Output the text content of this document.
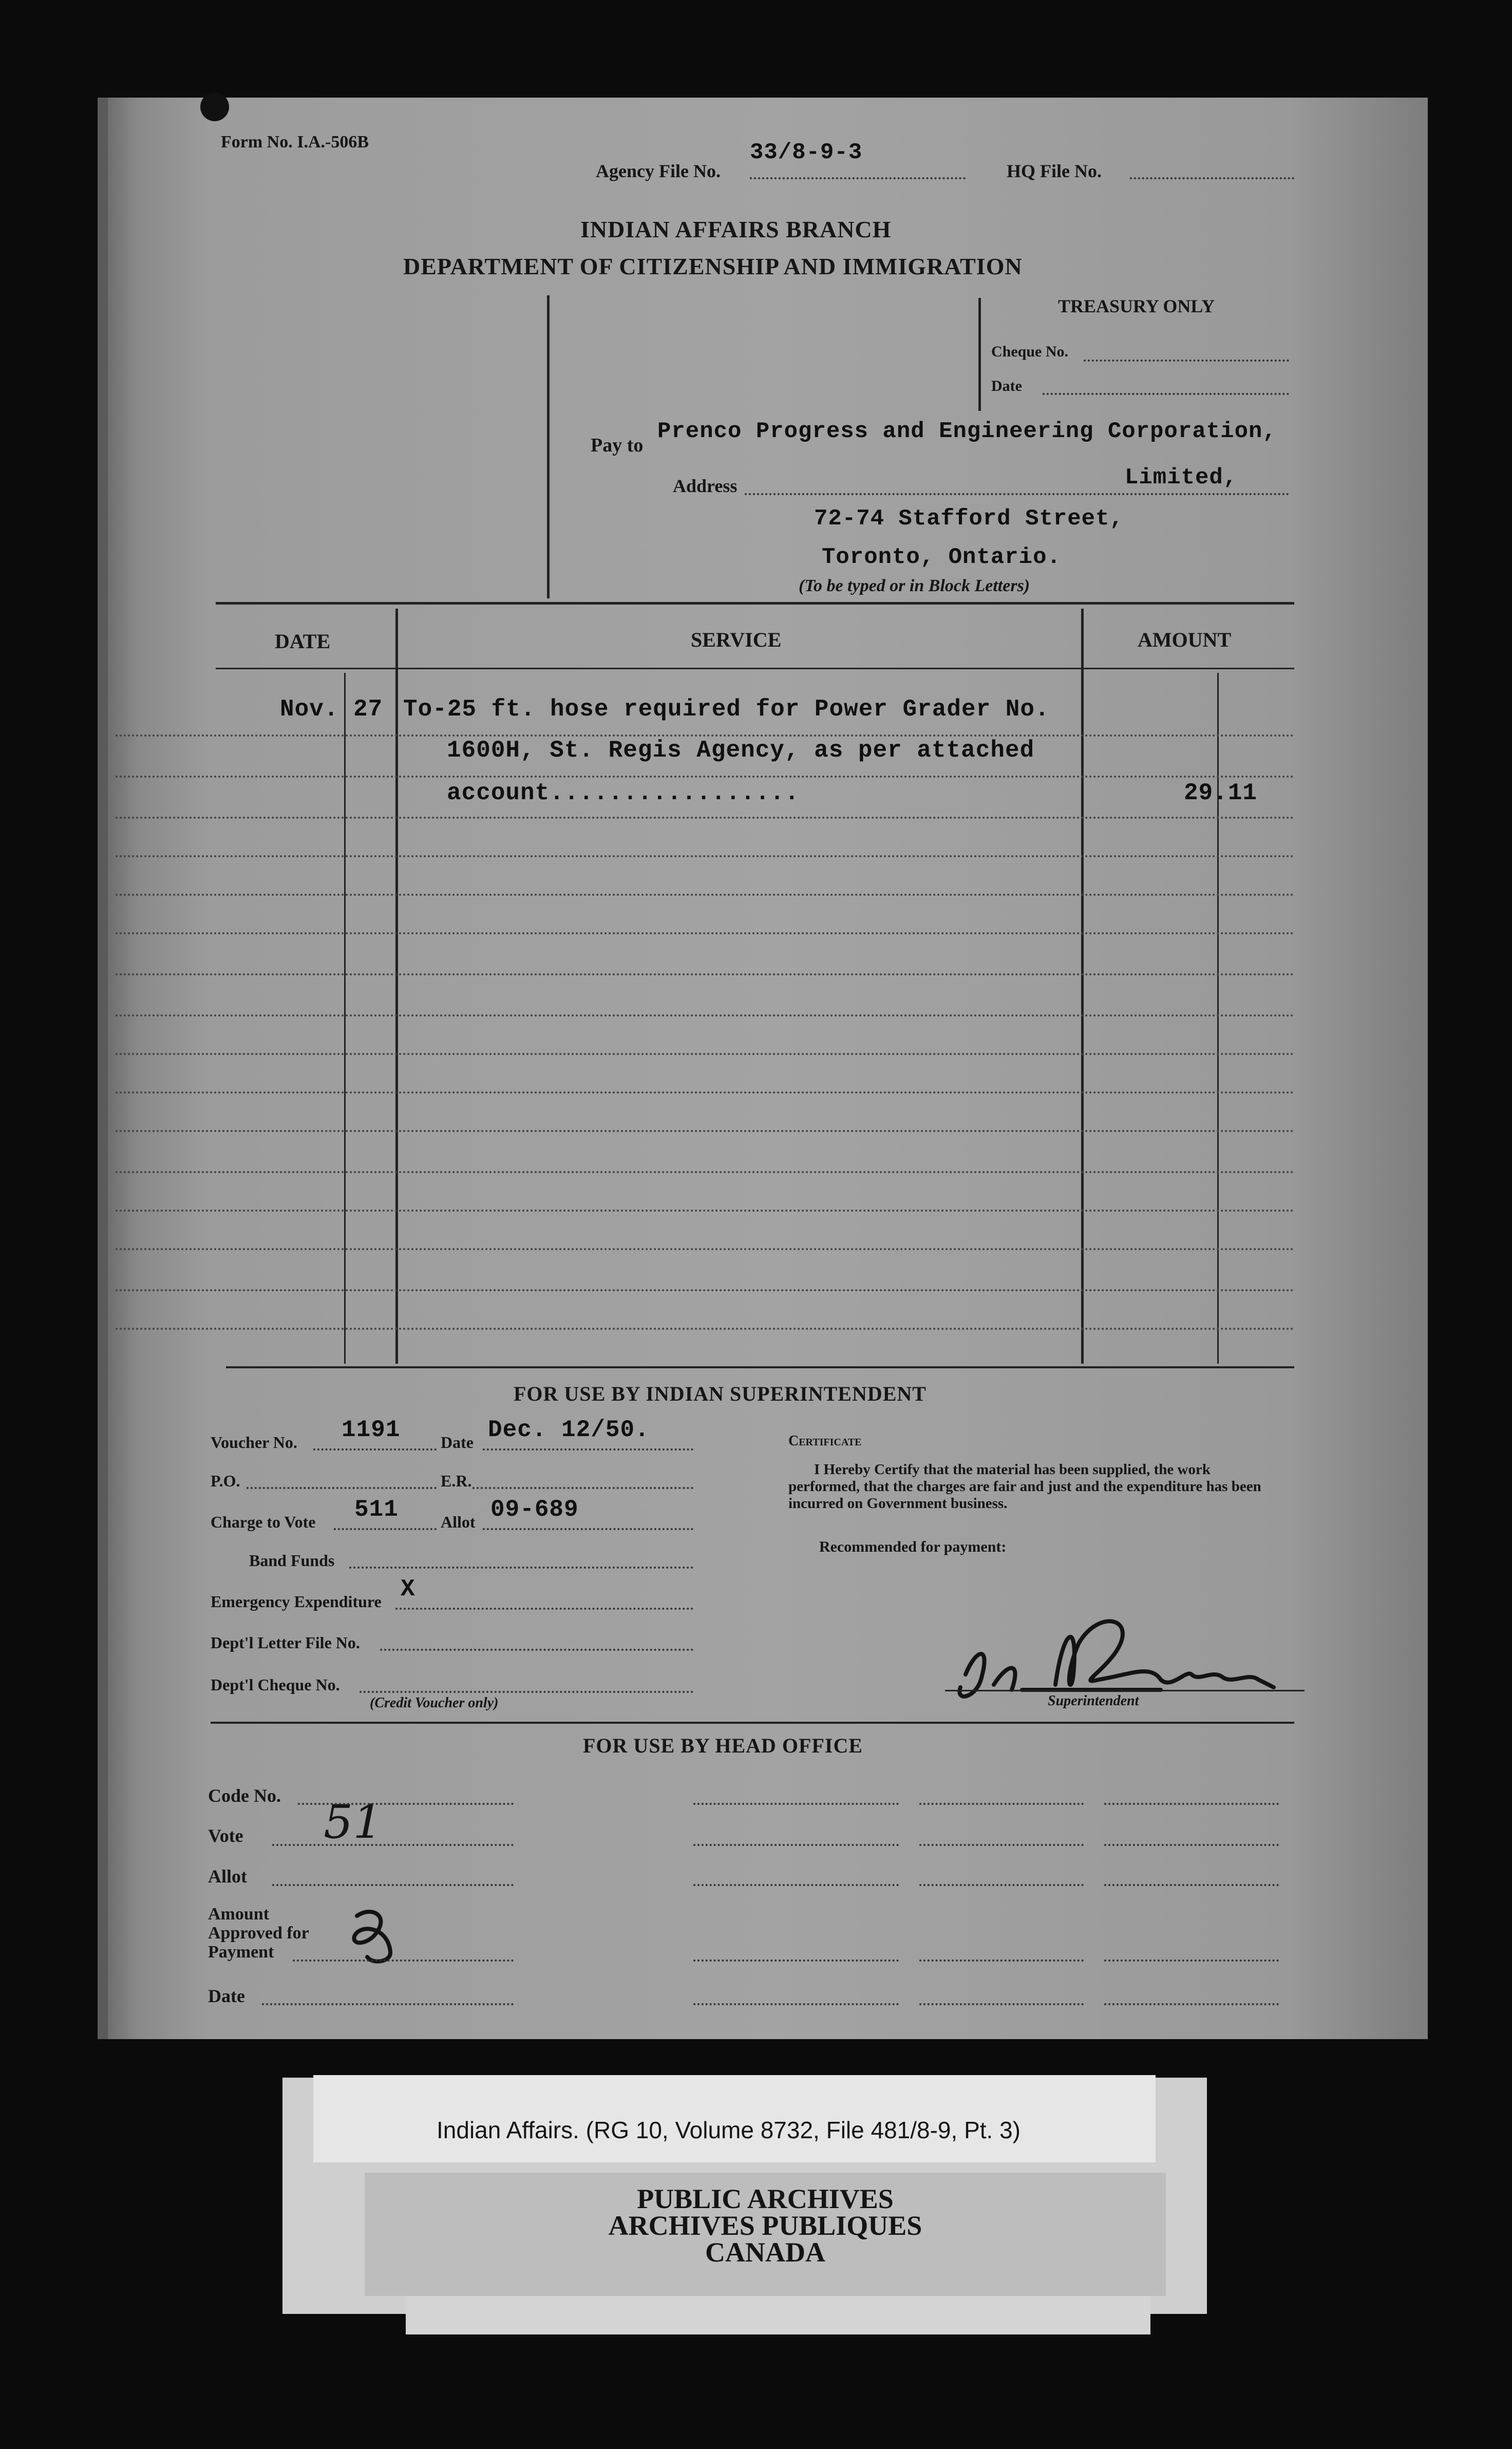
Form No. I.A.-506B
Agency File No.
33/8-9-3
HQ File No.
INDIAN AFFAIRS BRANCH
DEPARTMENT OF CITIZENSHIP AND IMMIGRATION
TREASURY ONLY
Cheque No.
Date
Pay to
Prenco Progress and Engineering Corporation,
Address	Limited,
72-74 Stafford Street,
Toronto, Ontario.
(To be typed or in Block Letters)
DATE	SERVICE	AMOUNT
Nov. 27 To-25 ft. hose required for Power Grader No.
1600H, St. Regis Agency, as per attached
account.................	29.11
FOR USE BY INDIAN SUPERINTENDENT
Voucher No. 1191 Date Dec. 12/50.
P.O.	E.R.
Charge to Vote 511	Allot 09-689
Band Funds
Emergency Expenditure X
Dept'l Letter File No.
Dept'l Cheque No.
(Credit Voucher only)
Certificate
I Hereby Certify that the material has been supplied, the work performed, that the charges are fair and just and the expenditure has been incurred on Government business.
Recommended for payment:
Superintendent
FOR USE BY HEAD OFFICE
Code No.
Vote 51
Allot
Amount
Approved for
Payment
Date
Indian Affairs. (RG 10, Volume 8732, File 481/8-9, Pt. 3)
PUBLIC ARCHIVES
ARCHIVES PUBLIQUES
CANADA
